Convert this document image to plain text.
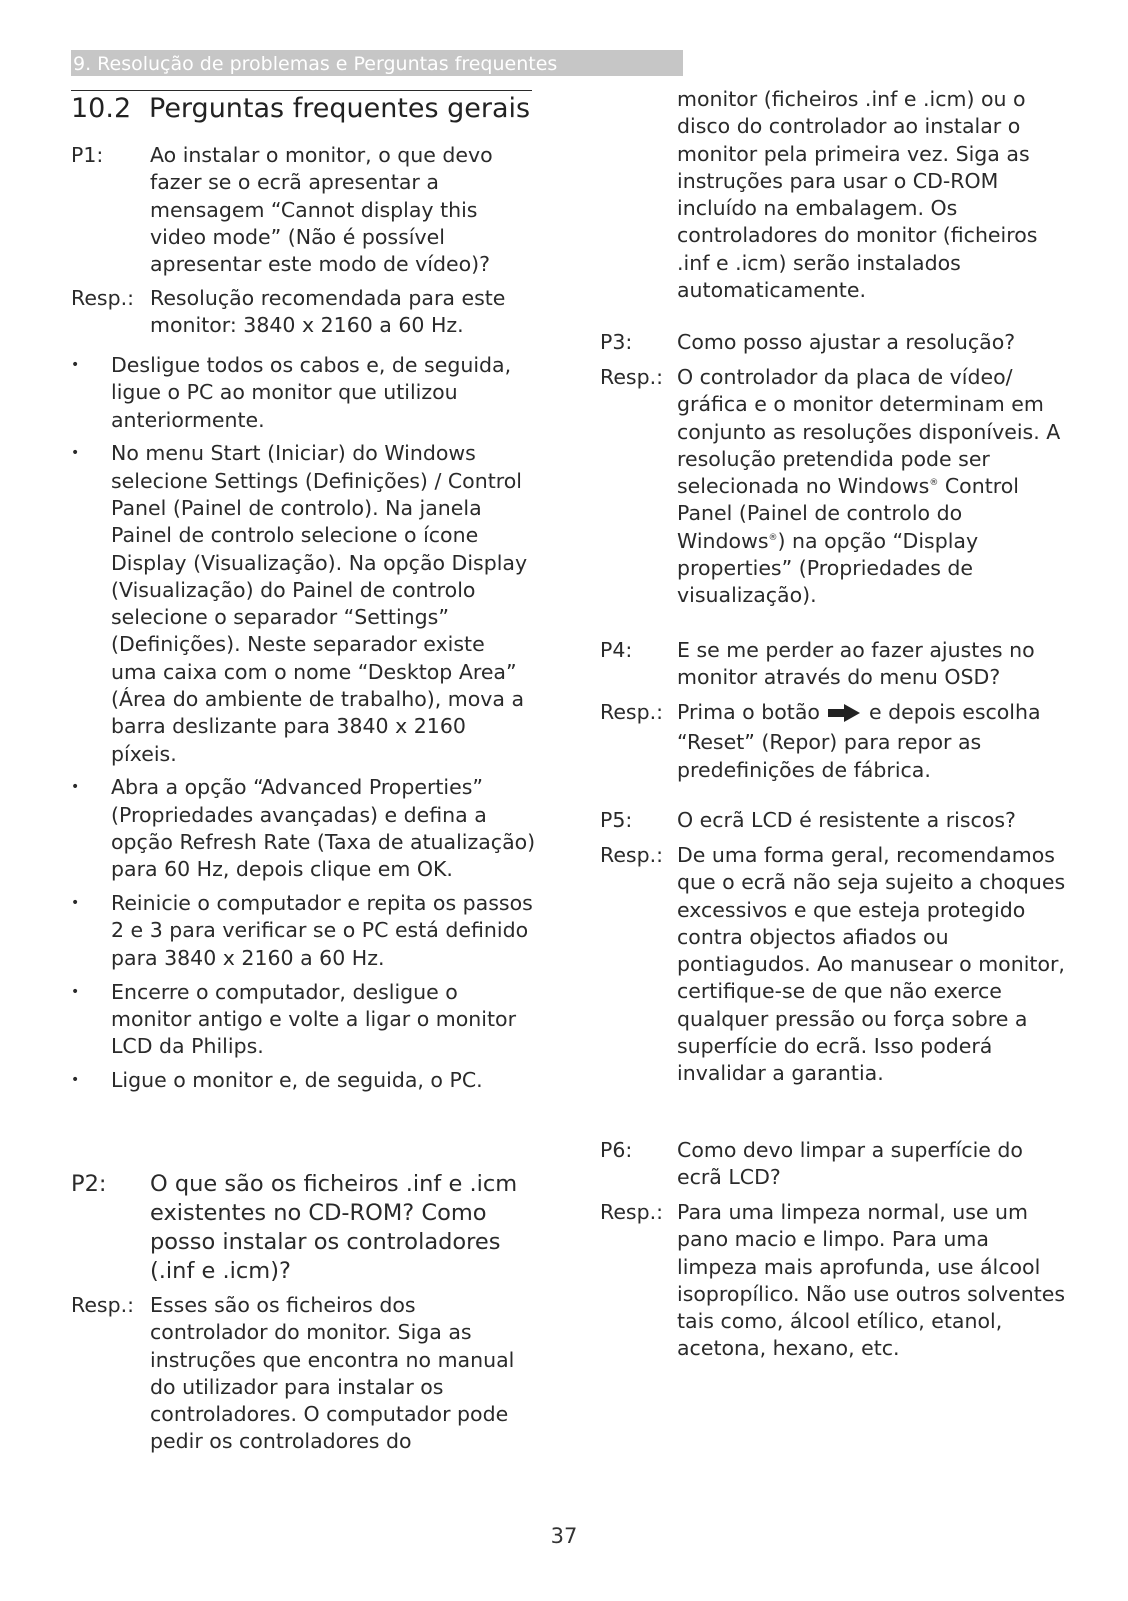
9. Resolução de problemas e Perguntas frequentes
10.2 Perguntas frequentes gerais
P1:	Ao instalar o monitor, o que devo fazer se o ecrã apresentar a mensagem “Cannot display this video mode” (Não é possível apresentar este modo de vídeo)?
Resp.: Resolução recomendada para este monitor: 3840 x 2160 a 60 Hz.
• Desligue todos os cabos e, de seguida, ligue o PC ao monitor que utilizou anteriormente.
• No menu Start (Iniciar) do Windows selecione Settings (Definições) / Control Panel (Painel de controlo). Na janela Painel de controlo selecione o ícone Display (Visualização). Na opção Display (Visualização) do Painel de controlo selecione o separador “Settings” (Definições). Neste separador existe uma caixa com o nome “Desktop Area” (Área do ambiente de trabalho), mova a barra deslizante para 3840 x 2160 píxeis.
• Abra a opção “Advanced Properties” (Propriedades avançadas) e defina a opção Refresh Rate (Taxa de atualização) para 60 Hz, depois clique em OK.
• Reinicie o computador e repita os passos 2 e 3 para verificar se o PC está definido para 3840 x 2160 a 60 Hz.
• Encerre o computador, desligue o monitor antigo e volte a ligar o monitor LCD da Philips.
• Ligue o monitor e, de seguida, o PC.
P2:	O que são os ficheiros .inf e .icm existentes no CD-ROM? Como posso instalar os controladores (.inf e .icm)?
Resp.: Esses são os ficheiros dos controlador do monitor. Siga as instruções que encontra no manual do utilizador para instalar os controladores. O computador pode pedir os controladores do
monitor (ficheiros .inf e .icm) ou o disco do controlador ao instalar o monitor pela primeira vez. Siga as instruções para usar o CD-ROM incluído na embalagem. Os controladores do monitor (ficheiros .inf e .icm) serão instalados automaticamente.
P3:	Como posso ajustar a resolução?
Resp.: O controlador da placa de vídeo/ gráfica e o monitor determinam em conjunto as resoluções disponíveis. A resolução pretendida pode ser selecionada no Windows® Control Panel (Painel de controlo do Windows®) na opção “Display properties” (Propriedades de visualização).
P4:	E se me perder ao fazer ajustes no monitor através do menu OSD?
Resp.: Prima o botão e depois escolha “Reset” (Repor) para repor as predefinições de fábrica.
P5:	O ecrã LCD é resistente a riscos?
Resp.: De uma forma geral, recomendamos que o ecrã não seja sujeito a choques excessivos e que esteja protegido contra objectos afiados ou pontiagudos. Ao manusear o monitor, certifique-se de que não exerce qualquer pressão ou força sobre a superfície do ecrã. Isso poderá invalidar a garantia.
P6:	Como devo limpar a superfície do ecrã LCD?
Resp.: Para uma limpeza normal, use um pano macio e limpo. Para uma limpeza mais aprofunda, use álcool isopropílico. Não use outros solventes tais como, álcool etílico, etanol, acetona, hexano, etc.
37
